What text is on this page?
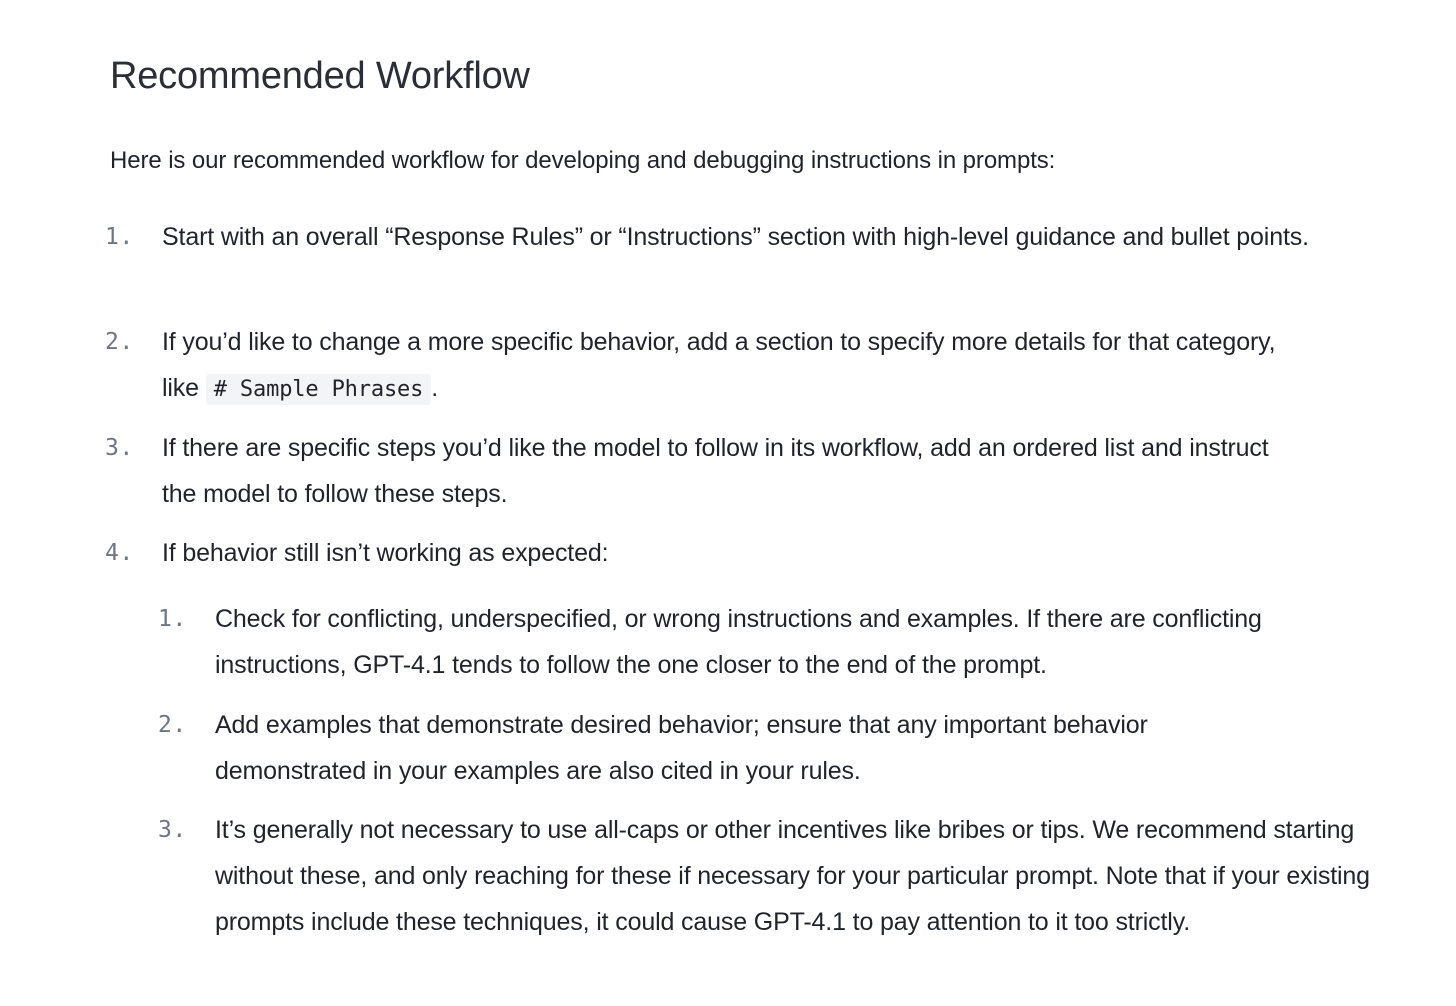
Recommended Workflow

Here is our recommended workflow for developing and debugging instructions in prompts:

1. Start with an overall “Response Rules” or “Instructions” section with high-level guidance and bullet points.
2. If you’d like to change a more specific behavior, add a section to specify more details for that category, like # Sample Phrases .
3. If there are specific steps you’d like the model to follow in its workflow, add an ordered list and instruct the model to follow these steps.
4. If behavior still isn’t working as expected:
1. Check for conflicting, underspecified, or wrong instructions and examples. If there are conflicting instructions, GPT-4.1 tends to follow the one closer to the end of the prompt.
2. Add examples that demonstrate desired behavior; ensure that any important behavior demonstrated in your examples are also cited in your rules.
3. It’s generally not necessary to use all-caps or other incentives like bribes or tips. We recommend starting without these, and only reaching for these if necessary for your particular prompt. Note that if your existing prompts include these techniques, it could cause GPT-4.1 to pay attention to it too strictly.
